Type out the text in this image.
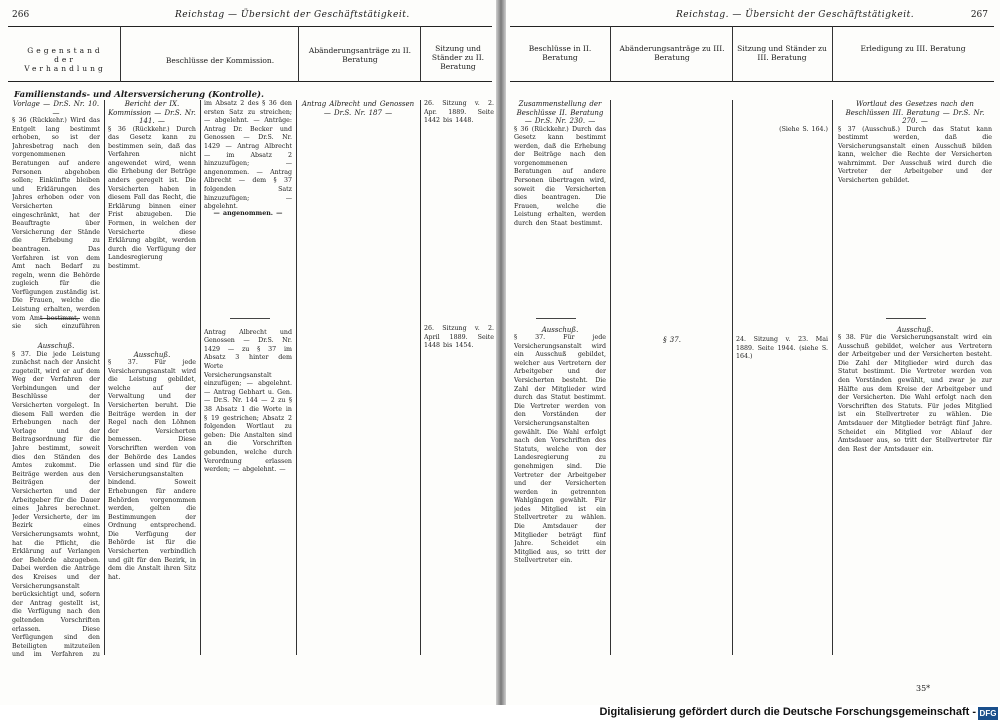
266	Reichstag — Übersicht der Geschäftstätigkeit.
Gegenstand der Verhandlung
Beschlüsse der Kommission.
Abänderungsanträge zu II. Beratung
Sitzung und Ständer zu II. Beratung
Familienstands- und Altersversicherung (Kontrolle).
Vorlage — Dr.S. Nr. 10. —
§ 36 (Rückkehr.) Wird das Entgelt lang bestimmt erhoben, so ist der Jahresbetrag nach den vorgenommenen Beratungen auf andere Personen abgehoben sollen; Einkünfte bleiben und Erklärungen des Jahres erhoben oder von Versicherten eingeschränkt, hat der Beauftragte über Versicherung der Stände die Erhebung zu beantragen. Das Verfahren ist von dem Amt nach Bedarf zu regeln, wenn die Behörde zugleich für die Verfügungen zuständig ist. Die Frauen, welche die Leistung erhalten, werden vom Amt bestimmt, wenn sie sich einzuführen
Ausschuß.
§ 37. Die jede Leistung zunächst nach der Ansicht zugeteilt, wird er auf dem Weg der Verfahren der Verbindungen und der Beschlüsse der Versicherten vorgelegt. In diesem Fall werden die Erhebungen nach der Vorlage und der Beitragsordnung für die Jahre bestimmt, soweit dies den Ständen des Amtes zukommt. Die Beiträge werden aus den Beiträgen der Versicherten und der Arbeitgeber für die Dauer eines Jahres berechnet. Jeder Versicherte, der im Bezirk eines Versicherungsamts wohnt, hat die Pflicht, die Erklärung auf Verlangen der Behörde abzugeben. Dabei werden die Anträge des Kreises und der Versicherungsanstalt berücksichtigt und, sofern der Antrag gestellt ist, die Verfügung nach den geltenden Vorschriften erlassen. Diese Verfügungen sind den Beteiligten mitzuteilen und im Verfahren zu
Bericht der IX. Kommission — Dr.S. Nr. 141. —
§ 36 (Rückkehr.) Durch das Gesetz kann zu bestimmen sein, daß das Verfahren nicht angewendet wird, wenn die Erhebung der Beträge anders geregelt ist. Die Versicherten haben in diesem Fall das Recht, die Erklärung binnen einer Frist abzugeben. Die Formen, in welchen der Versicherte diese Erklärung abgibt, werden durch die Verfügung der Landesregierung bestimmt.
Ausschuß.
§ 37. Für jede Versicherungsanstalt wird die Leistung gebildet, welche auf der Verwaltung und der Versicherten beruht. Die Beiträge werden in der Regel nach den Löhnen der Versicherten bemessen. Diese Vorschriften werden von der Behörde des Landes erlassen und sind für die Versicherungsanstalten bindend. Soweit Erhebungen für andere Behörden vorgenommen werden, gelten die Bestimmungen der Ordnung entsprechend. Die Verfügung der Behörde ist für die Versicherten verbindlich und gilt für den Bezirk, in dem die Anstalt ihren Sitz hat.
im Absatz 2 des § 36 den ersten Satz zu streichen; — abgelehnt. — Anträge: Antrag Dr. Becker und Genossen — Dr.S. Nr. 1429 — Antrag Albrecht — im Absatz 2 hinzuzufügen; — angenommen. — Antrag Albrecht — dem § 37 folgenden Satz hinzuzufügen; — abgelehnt.
— angenommen. —
Antrag Albrecht und Genossen — Dr.S. Nr. 1429 — zu § 37 im Absatz 3 hinter dem Worte Versicherungsanstalt einzufügen; — abgelehnt. — Antrag Gebhart u. Gen. — Dr.S. Nr. 144 — 2 zu § 38 Absatz 1 die Worte in § 19 gestrichen; Absatz 2 folgenden Wortlaut zu geben: Die Anstalten sind an die Vorschriften gebunden, welche durch Verordnung erlassen werden; — abgelehnt. —
Antrag Albrecht und Genossen — Dr.S. Nr. 187 —
26. Sitzung v. 2. Apr. 1889. Seite 1442 bis 1448.
26. Sitzung v. 2. April 1889. Seite 1448 bis 1454.
Reichstag. — Übersicht der Geschäftstätigkeit.	267
Beschlüsse in II. Beratung
Abänderungsanträge zu III. Beratung
Sitzung und Ständer zu III. Beratung
Erledigung zu III. Beratung
Zusammenstellung der Beschlüsse II. Beratung — Dr.S. Nr. 230. —
§ 36 (Rückkehr.) Durch das Gesetz kann bestimmt werden, daß die Erhebung der Beiträge nach den vorgenommenen Beratungen auf andere Personen übertragen wird, soweit die Versicherten dies beantragen. Die Frauen, welche die Leistung erhalten, werden durch den Staat bestimmt.
Ausschuß.
§ 37. Für jede Versicherungsanstalt wird ein Ausschuß gebildet, welcher aus Vertretern der Arbeitgeber und der Versicherten besteht. Die Zahl der Mitglieder wird durch das Statut bestimmt. Die Vertreter werden von den Vorständen der Versicherungsanstalten gewählt. Die Wahl erfolgt nach den Vorschriften des Statuts, welche von der Landesregierung zu genehmigen sind. Die Vertreter der Arbeitgeber und der Versicherten werden in getrennten Wahlgängen gewählt. Für jedes Mitglied ist ein Stellvertreter zu wählen. Die Amtsdauer der Mitglieder beträgt fünf Jahre. Scheidet ein Mitglied aus, so tritt der Stellvertreter ein.
§ 37.
(Siehe S. 164.)
24. Sitzung v. 23. Mai 1889. Seite 1944. (siehe S. 164.)
Wortlaut des Gesetzes nach den Beschlüssen III. Beratung — Dr.S. Nr. 270. —
§ 37 (Ausschuß.) Durch das Statut kann bestimmt werden, daß die Versicherungsanstalt einen Ausschuß bilden kann, welcher die Rechte der Versicherten wahrnimmt. Der Ausschuß wird durch die Vertreter der Arbeitgeber und der Versicherten gebildet.
Ausschuß.
§ 38. Für die Versicherungsanstalt wird ein Ausschuß gebildet, welcher aus Vertretern der Arbeitgeber und der Versicherten besteht. Die Zahl der Mitglieder wird durch das Statut bestimmt. Die Vertreter werden von den Vorständen gewählt, und zwar je zur Hälfte aus dem Kreise der Arbeitgeber und der Versicherten. Die Wahl erfolgt nach den Vorschriften des Statuts. Für jedes Mitglied ist ein Stellvertreter zu wählen. Die Amtsdauer der Mitglieder beträgt fünf Jahre. Scheidet ein Mitglied vor Ablauf der Amtsdauer aus, so tritt der Stellvertreter für den Rest der Amtsdauer ein.
35*
Digitalisierung gefördert durch die Deutsche Forschungsgemeinschaft - DFG
